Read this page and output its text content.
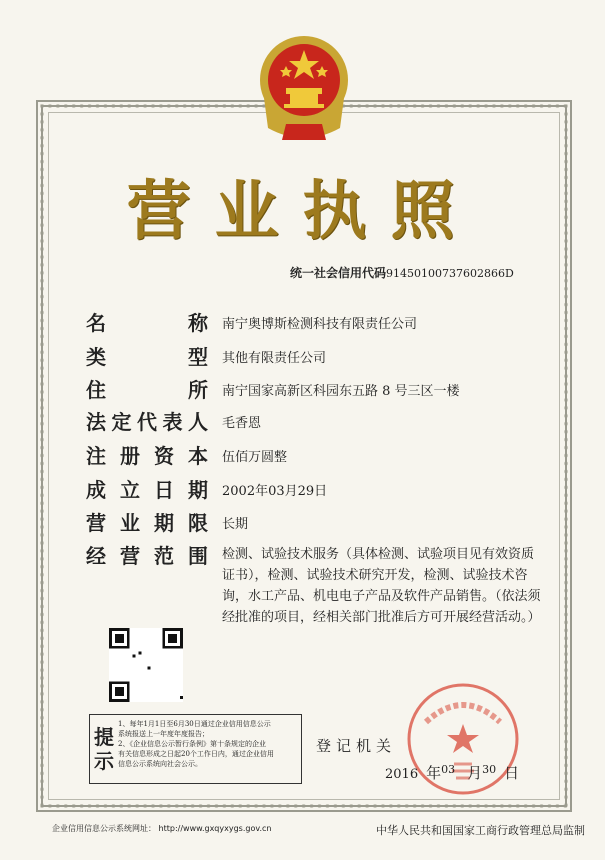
营业执照
统一社会信用代码91450100737602866D
名	称 南宁奥博斯检测科技有限责任公司
类	型 其他有限责任公司
住	所 南宁国家高新区科园东五路 8 号三区一楼
法 定 代 表 人 毛香恩
注 册 资 本 伍佰万圆整
成 立 日 期 2002年03月29日
营 业 期 限 长期
经 营 范 围 检测、试验技术服务（具体检测、试验项目见有效资质证书），检测、试验技术研究开发，检测、试验技术咨询，水工产品、机电电子产品及软件产品销售。（依法须经批准的项目，经相关部门批准后方可开展经营活动。）
提示
1、每年1月1日至6月30日通过企业信用信息公示
系统报送上一年度年度报告；
2、《企业信息公示暂行条例》第十条规定的企业
有关信息形成之日起20个工作日内，通过企业信用
信息公示系统向社会公示。
登记机关
2016 年 03 月 30 日
企业信用信息公示系统网址： http://www.gxqyxygs.gov.cn	中华人民共和国国家工商行政管理总局监制
